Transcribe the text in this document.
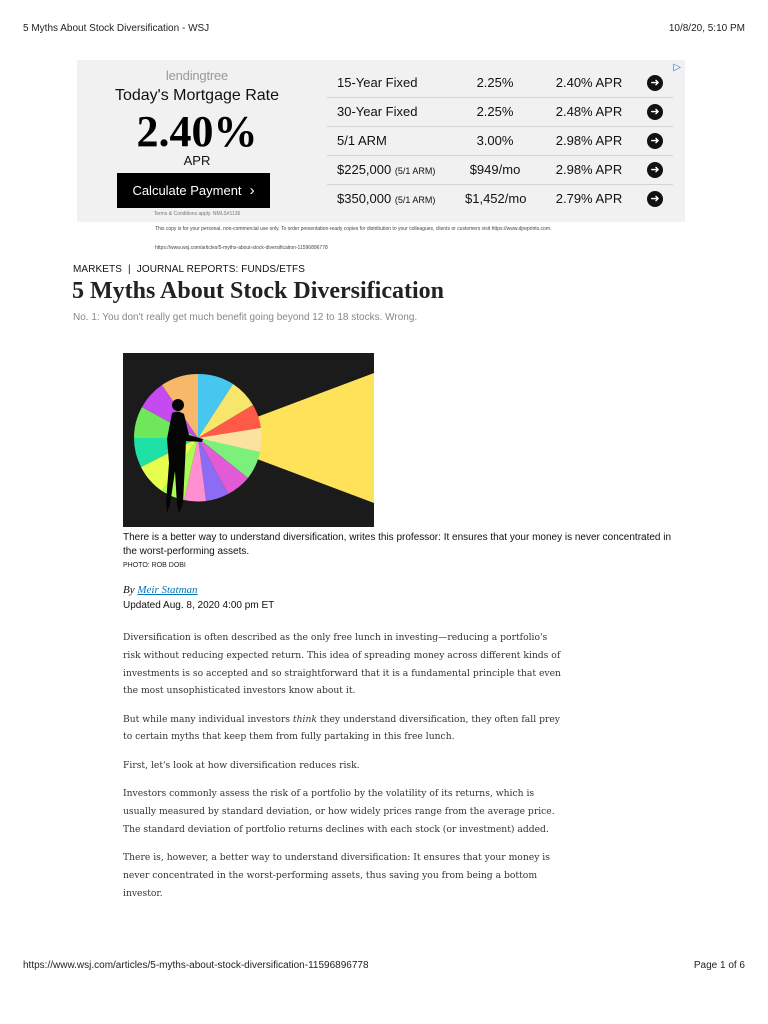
5 Myths About Stock Diversification - WSJ	10/8/20, 5:10 PM
▷
lendingtree
Today's Mortgage Rate
2.40%
APR
Calculate Payment ›
Terms & Conditions apply. NMLS#1136
15-Year Fixed	2.25%	2.40% APR	➜
30-Year Fixed	2.25%	2.48% APR	➜
5/1 ARM	3.00%	2.98% APR	➜
$225,000 (5/1 ARM)	$949/mo	2.98% APR	➜
$350,000 (5/1 ARM) $1,452/mo	2.79% APR	➜
This copy is for your personal, non-commercial use only. To order presentation-ready copies for distribution to your colleagues, clients or customers visit https://www.djreprints.com.
https://www.wsj.com/articles/5-myths-about-stock-diversification-11596896778
MARKETS | JOURNAL REPORTS: FUNDS/ETFS
5 Myths About Stock Diversification
No. 1: You don't really get much benefit going beyond 12 to 18 stocks. Wrong.
There is a better way to understand diversification, writes this professor: It ensures that your money is never concentrated in the worst-performing assets.
PHOTO: ROB DOBI
By Meir Statman
Updated Aug. 8, 2020 4:00 pm ET

Diversification is often described as the only free lunch in investing—reducing a portfolio's risk without reducing expected return. This idea of spreading money across different kinds of investments is so accepted and so straightforward that it is a fundamental principle that even the most unsophisticated investors know about it.

But while many individual investors think they understand diversification, they often fall prey to certain myths that keep them from fully partaking in this free lunch.

First, let's look at how diversification reduces risk.

Investors commonly assess the risk of a portfolio by the volatility of its returns, which is usually measured by standard deviation, or how widely prices range from the average price. The standard deviation of portfolio returns declines with each stock (or investment) added.

There is, however, a better way to understand diversification: It ensures that your money is never concentrated in the worst-performing assets, thus saving you from being a bottom investor.

https://www.wsj.com/articles/5-myths-about-stock-diversification-11596896778	Page 1 of 6
